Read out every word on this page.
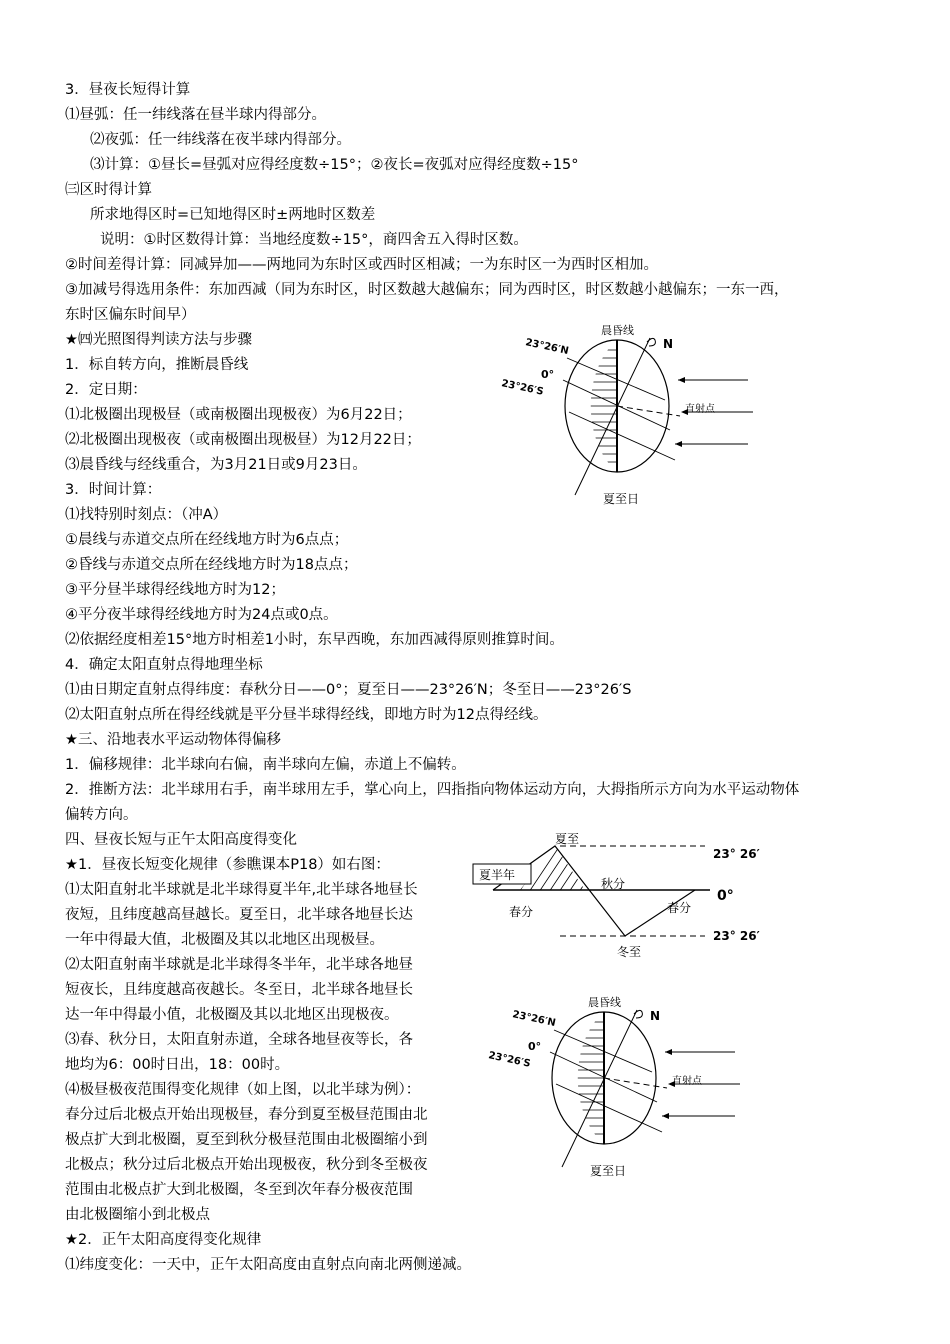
3．昼夜长短得计算
⑴昼弧：任一纬线落在昼半球内得部分。
⑵夜弧：任一纬线落在夜半球内得部分。
⑶计算：①昼长=昼弧对应得经度数÷15°；②夜长=夜弧对应得经度数÷15°
㈢区时得计算
所求地得区时=已知地得区时±两地时区数差
说明：①时区数得计算：当地经度数÷15°，商四舍五入得时区数。
②时间差得计算：同减异加——两地同为东时区或西时区相减；一为东时区一为西时区相加。
③加减号得选用条件：东加西减（同为东时区，时区数越大越偏东；同为西时区，时区数越小越偏东；一东一西，
东时区偏东时间早）
★㈣光照图得判读方法与步骤
1．标自转方向，推断晨昏线
2．定日期：
⑴北极圈出现极昼（或南极圈出现极夜）为6月22日；
⑵北极圈出现极夜（或南极圈出现极昼）为12月22日；
⑶晨昏线与经线重合，为3月21日或9月23日。
3．时间计算：
⑴找特别时刻点：（冲A）
①晨线与赤道交点所在经线地方时为6点点；
②昏线与赤道交点所在经线地方时为18点点；
③平分昼半球得经线地方时为12；
④平分夜半球得经线地方时为24点或0点。
⑵依据经度相差15°地方时相差1小时，东早西晚，东加西减得原则推算时间。
4．确定太阳直射点得地理坐标
⑴由日期定直射点得纬度：春秋分日——0°；夏至日——23°26′N；冬至日——23°26′S
⑵太阳直射点所在得经线就是平分昼半球得经线，即地方时为12点得经线。
★三、沿地表水平运动物体得偏移
1．偏移规律：北半球向右偏，南半球向左偏，赤道上不偏转。
2．推断方法：北半球用右手，南半球用左手，掌心向上，四指指向物体运动方向，大拇指所示方向为水平运动物体
偏转方向。
四、昼夜长短与正午太阳高度得变化
★1．昼夜长短变化规律（参瞧课本P18）如右图：
⑴太阳直射北半球就是北半球得夏半年,北半球各地昼长
夜短，且纬度越高昼越长。夏至日，北半球各地昼长达
一年中得最大值，北极圈及其以北地区出现极昼。
⑵太阳直射南半球就是北半球得冬半年，北半球各地昼
短夜长，且纬度越高夜越长。冬至日，北半球各地昼长
达一年中得最小值，北极圈及其以北地区出现极夜。
⑶春、秋分日，太阳直射赤道，全球各地昼夜等长，各
地均为6：00时日出，18：00时。
⑷极昼极夜范围得变化规律（如上图，以北半球为例）：
春分过后北极点开始出现极昼，春分到夏至极昼范围由北
极点扩大到北极圈，夏至到秋分极昼范围由北极圈缩小到
北极点；秋分过后北极点开始出现极夜，秋分到冬至极夜
范围由北极点扩大到北极圈，冬至到次年春分极夜范围
由北极圈缩小到北极点
★2．正午太阳高度得变化规律
⑴纬度变化：一天中，正午太阳高度由直射点向南北两侧递减。
晨昏线
N
23°26′N
0°
23°26′S
直射点
夏至日
夏半年
夏至
秋分
春分	春分
冬至
23° 26′
0°
23° 26′
晨昏线
N
23°26′N
0°
23°26′S
直射点
夏至日
